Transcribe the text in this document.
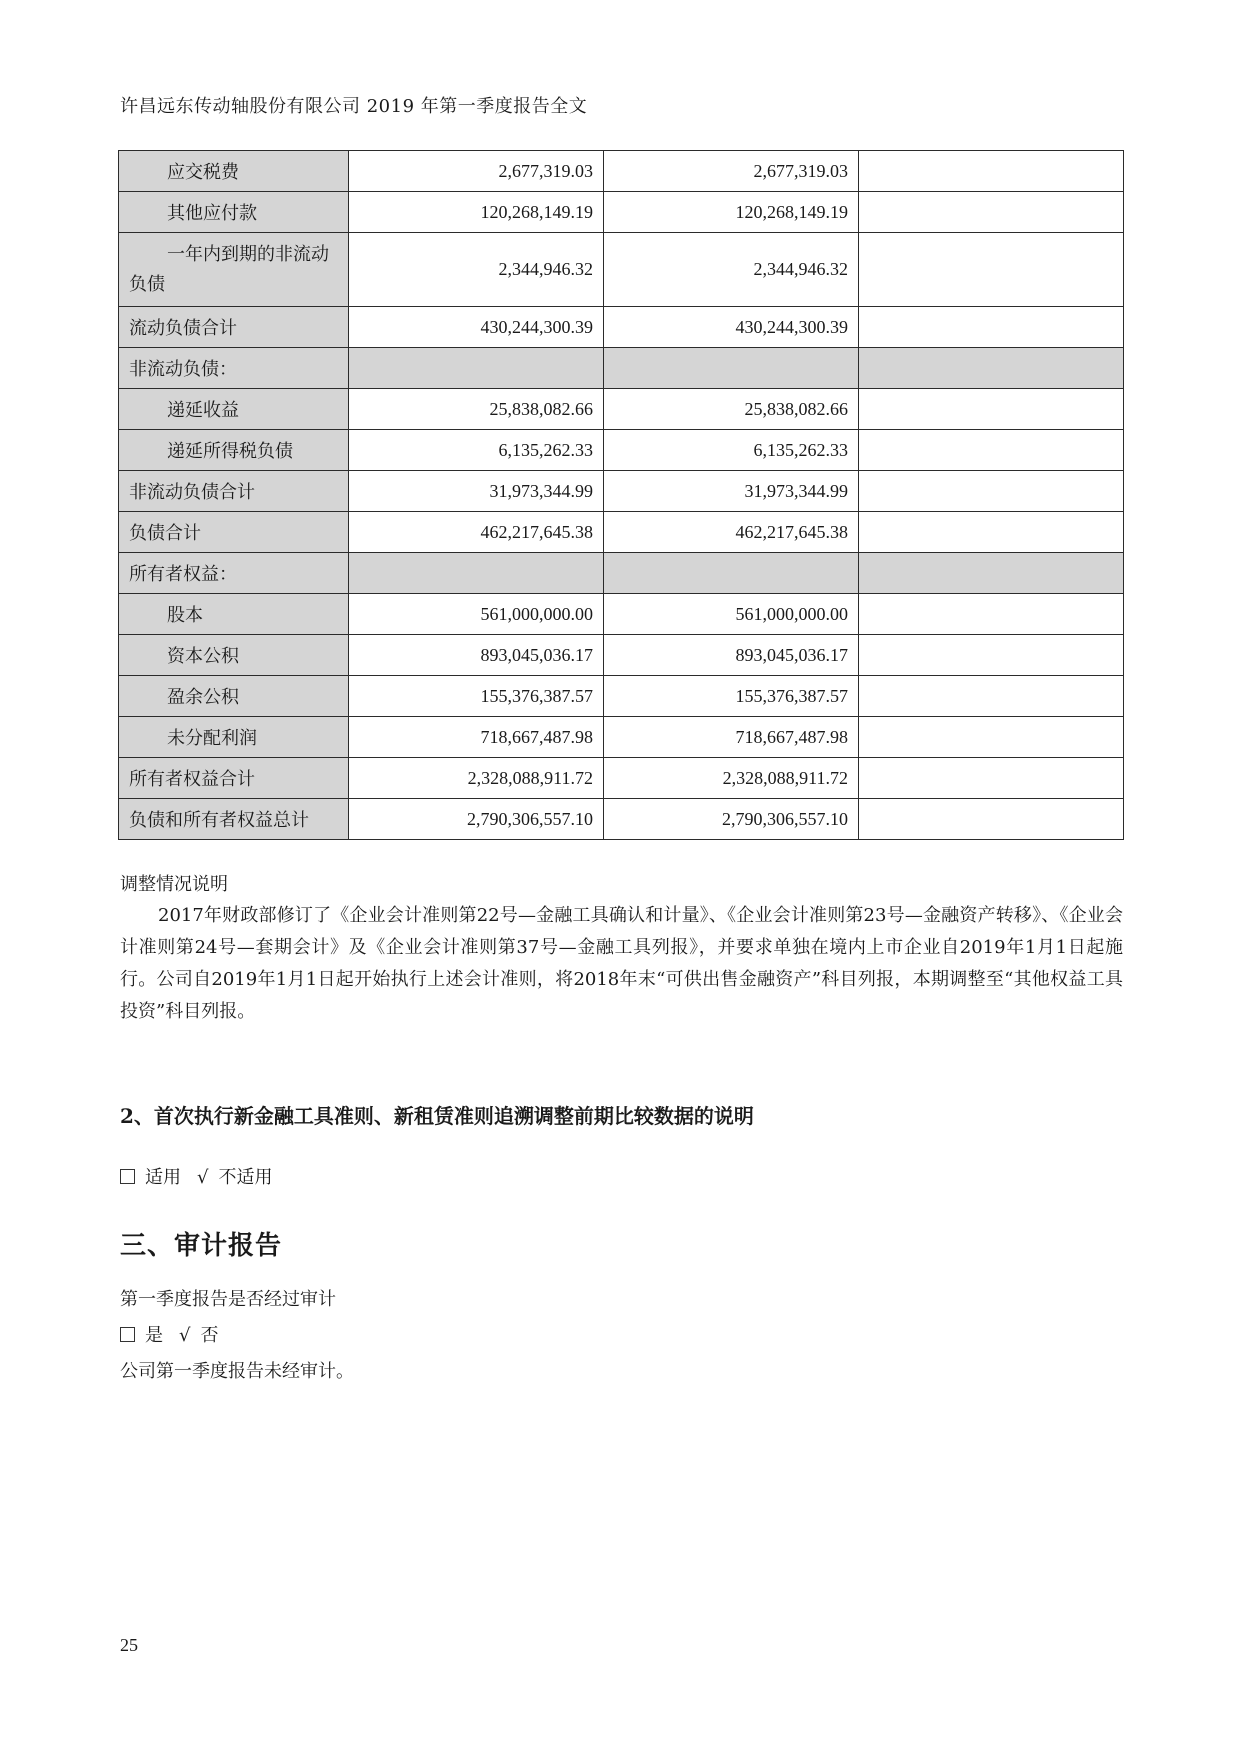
许昌远东传动轴股份有限公司 2019 年第一季度报告全文
应交税费	2,677,319.03	2,677,319.03	
其他应付款	120,268,149.19	120,268,149.19	
一年内到期的非流动负债	2,344,946.32	2,344,946.32	
流动负债合计	430,244,300.39	430,244,300.39	
非流动负债：			
递延收益	25,838,082.66	25,838,082.66	
递延所得税负债	6,135,262.33	6,135,262.33	
非流动负债合计	31,973,344.99	31,973,344.99	
负债合计	462,217,645.38	462,217,645.38	
所有者权益：			
股本	561,000,000.00	561,000,000.00	
资本公积	893,045,036.17	893,045,036.17	
盈余公积	155,376,387.57	155,376,387.57	
未分配利润	718,667,487.98	718,667,487.98	
所有者权益合计	2,328,088,911.72	2,328,088,911.72	
负债和所有者权益总计	2,790,306,557.10	2,790,306,557.10	
调整情况说明
2017年财政部修订了《企业会计准则第22号—金融工具确认和计量》、《企业会计准则第23号—金融资产转移》、《企业会计准则第24号—套期会计》及《企业会计准则第37号—金融工具列报》，并要求单独在境内上市企业自2019年1月1日起施行。公司自2019年1月1日起开始执行上述会计准则，将2018年末“可供出售金融资产”科目列报，本期调整至“其他权益工具投资”科目列报。
2、首次执行新金融工具准则、新租赁准则追溯调整前期比较数据的说明
适用 √ 不适用
三、审计报告
第一季度报告是否经过审计
是 √ 否
公司第一季度报告未经审计。
25
